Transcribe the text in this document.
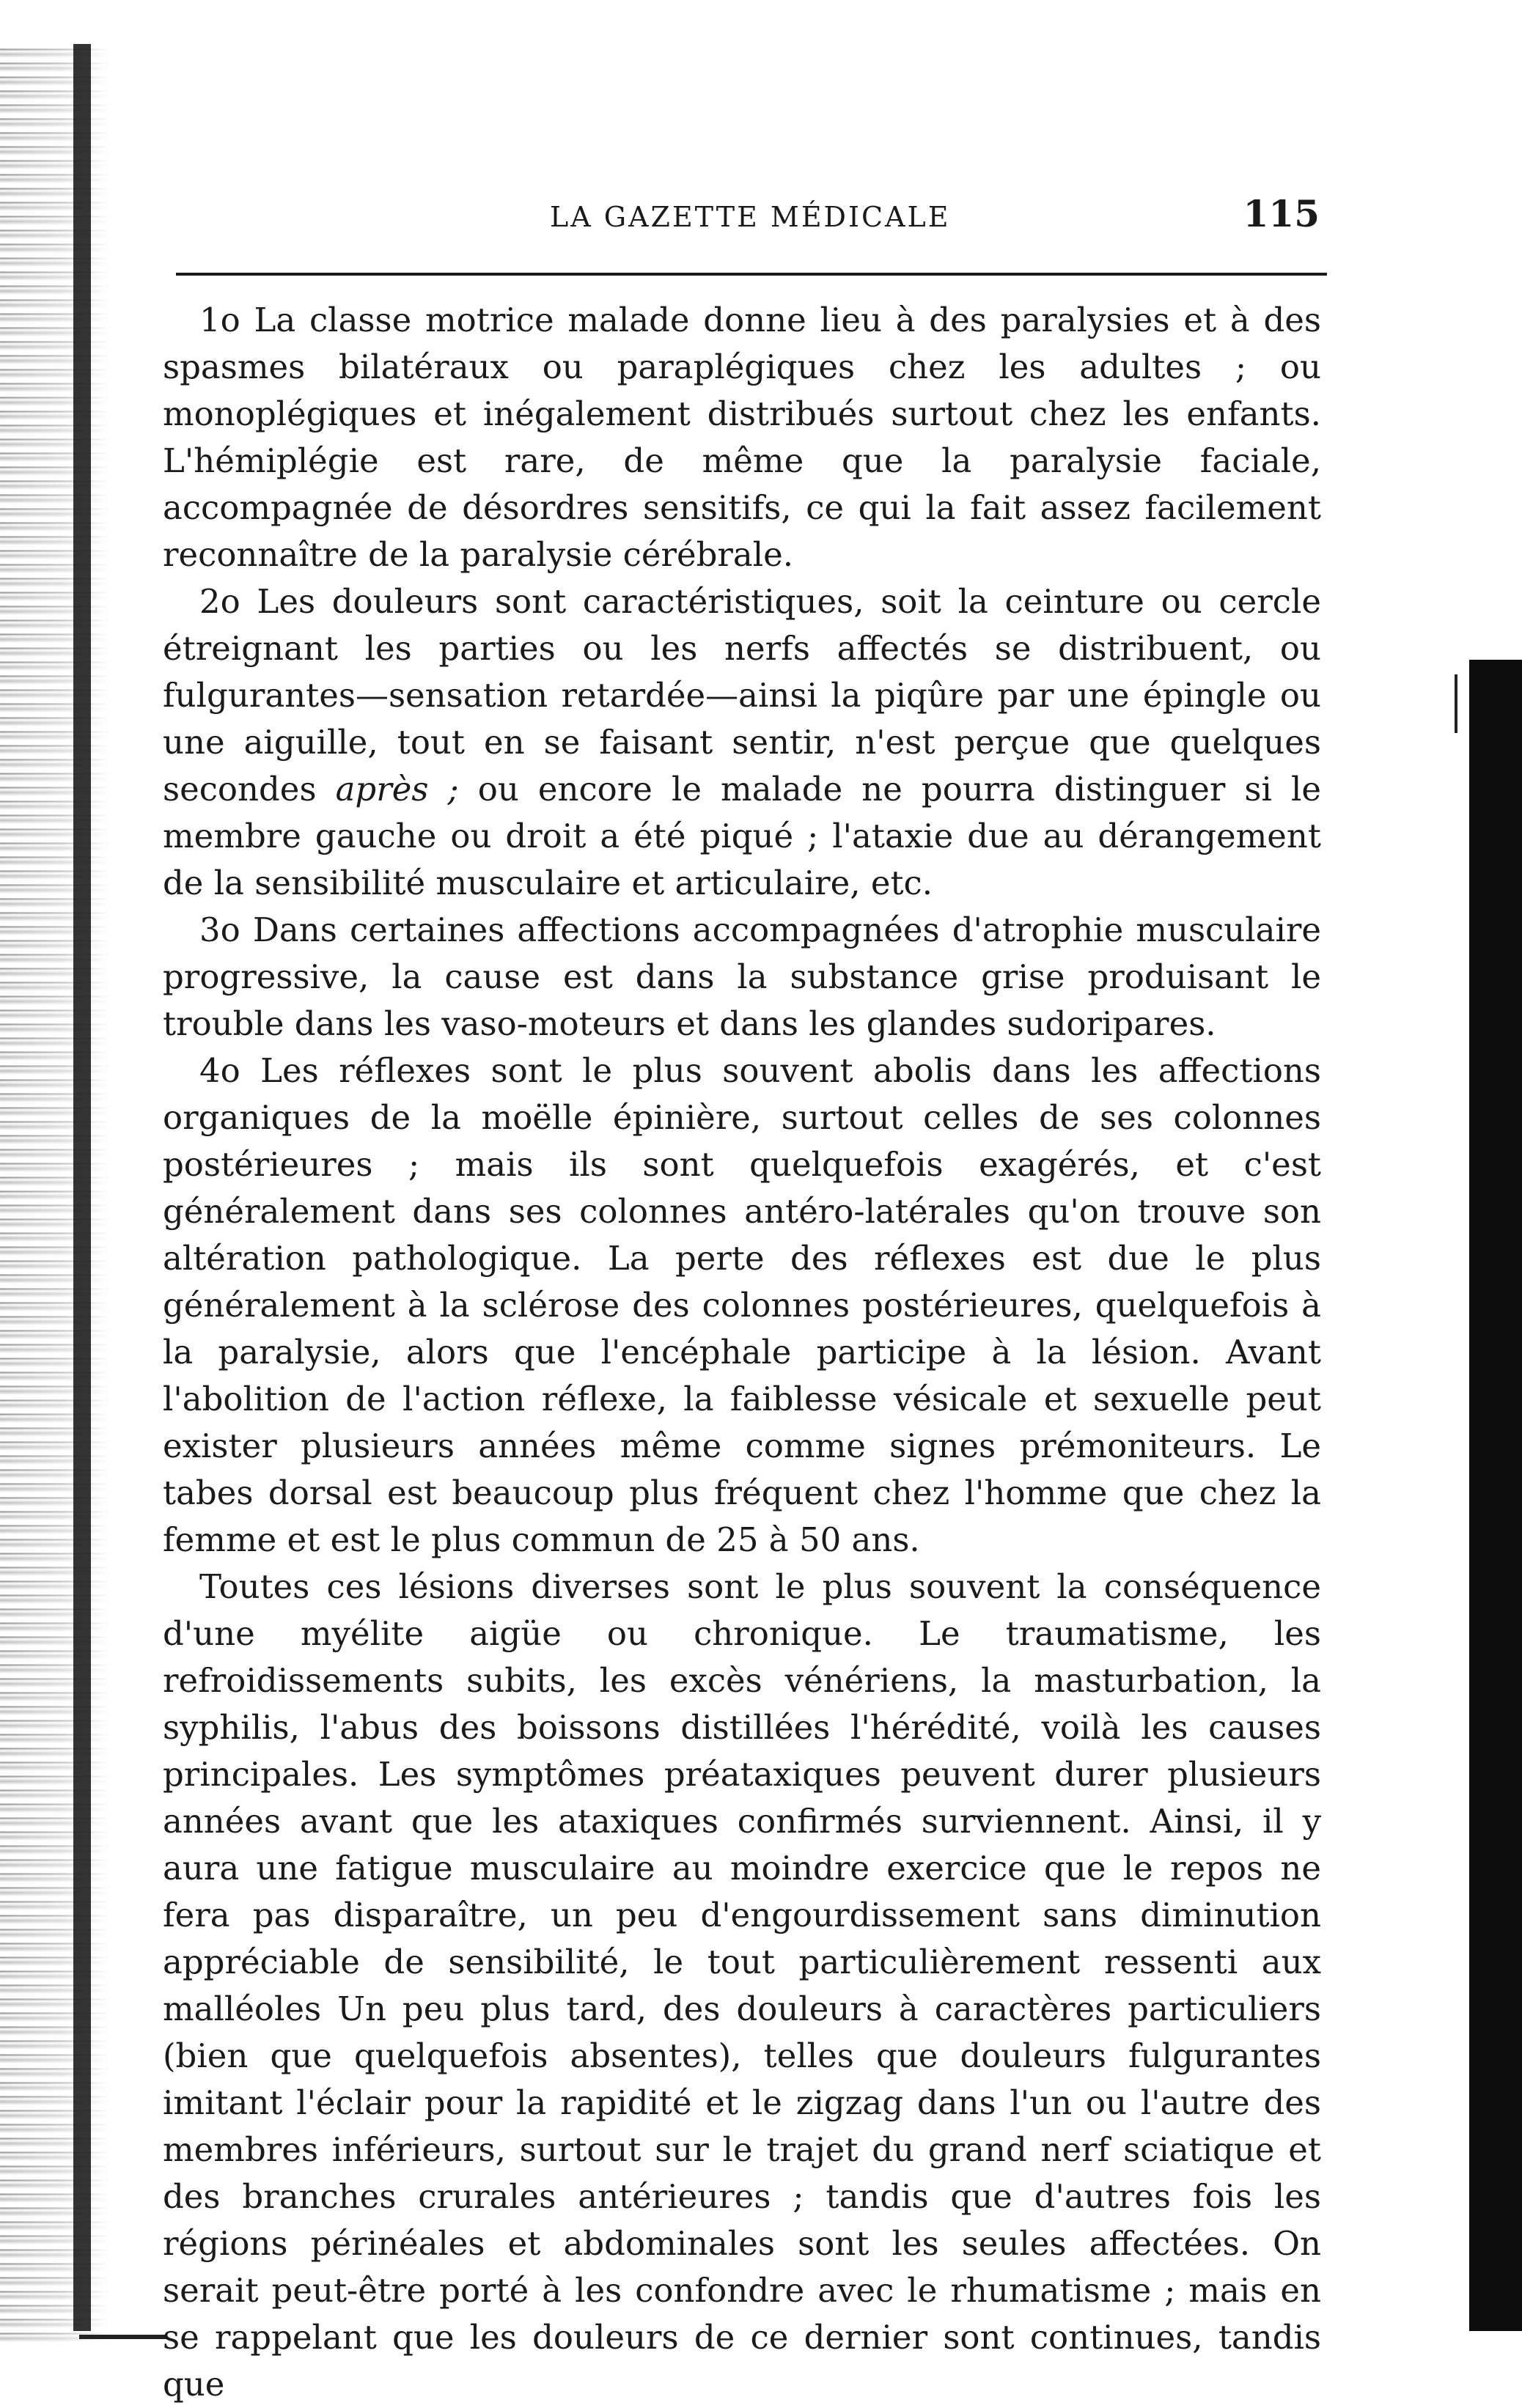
LA GAZETTE MÉDICALE	115

1o La classe motrice malade donne lieu à des paralysies et à des spasmes bilatéraux ou paraplégiques chez les adultes ; ou monoplégiques et inégalement distribués surtout chez les enfants. L'hémiplégie est rare, de même que la paralysie faciale, accompagnée de désordres sensitifs, ce qui la fait assez facilement reconnaître de la paralysie cérébrale.

2o Les douleurs sont caractéristiques, soit la ceinture ou cercle étreignant les parties ou les nerfs affectés se distribuent, ou fulgurantes—sensation retardée—ainsi la piqûre par une épingle ou une aiguille, tout en se faisant sentir, n'est perçue que quelques secondes après ; ou encore le malade ne pourra distinguer si le membre gauche ou droit a été piqué ; l'ataxie due au dérangement de la sensibilité musculaire et articulaire, etc.

3o Dans certaines affections accompagnées d'atrophie musculaire progressive, la cause est dans la substance grise produisant le trouble dans les vaso-moteurs et dans les glandes sudoripares.

4o Les réflexes sont le plus souvent abolis dans les affections organiques de la moëlle épinière, surtout celles de ses colonnes postérieures ; mais ils sont quelquefois exagérés, et c'est généralement dans ses colonnes antéro-latérales qu'on trouve son altération pathologique. La perte des réflexes est due le plus généralement à la sclérose des colonnes postérieures, quelquefois à la paralysie, alors que l'encéphale participe à la lésion. Avant l'abolition de l'action réflexe, la faiblesse vésicale et sexuelle peut exister plusieurs années même comme signes prémoniteurs. Le tabes dorsal est beaucoup plus fréquent chez l'homme que chez la femme et est le plus commun de 25 à 50 ans.

Toutes ces lésions diverses sont le plus souvent la conséquence d'une myélite aigüe ou chronique. Le traumatisme, les refroidissements subits, les excès vénériens, la masturbation, la syphilis, l'abus des boissons distillées l'hérédité, voilà les causes principales. Les symptômes préataxiques peuvent durer plusieurs années avant que les ataxiques confirmés surviennent. Ainsi, il y aura une fatigue musculaire au moindre exercice que le repos ne fera pas disparaître, un peu d'engourdissement sans diminution appréciable de sensibilité, le tout particulièrement ressenti aux malléoles Un peu plus tard, des douleurs à caractères particuliers (bien que quelquefois absentes), telles que douleurs fulgurantes imitant l'éclair pour la rapidité et le zigzag dans l'un ou l'autre des membres inférieurs, surtout sur le trajet du grand nerf sciatique et des branches crurales antérieures ; tandis que d'autres fois les régions périnéales et abdominales sont les seules affectées. On serait peut-être porté à les confondre avec le rhumatisme ; mais en se rappelant que les douleurs de ce dernier sont continues, tandis que
